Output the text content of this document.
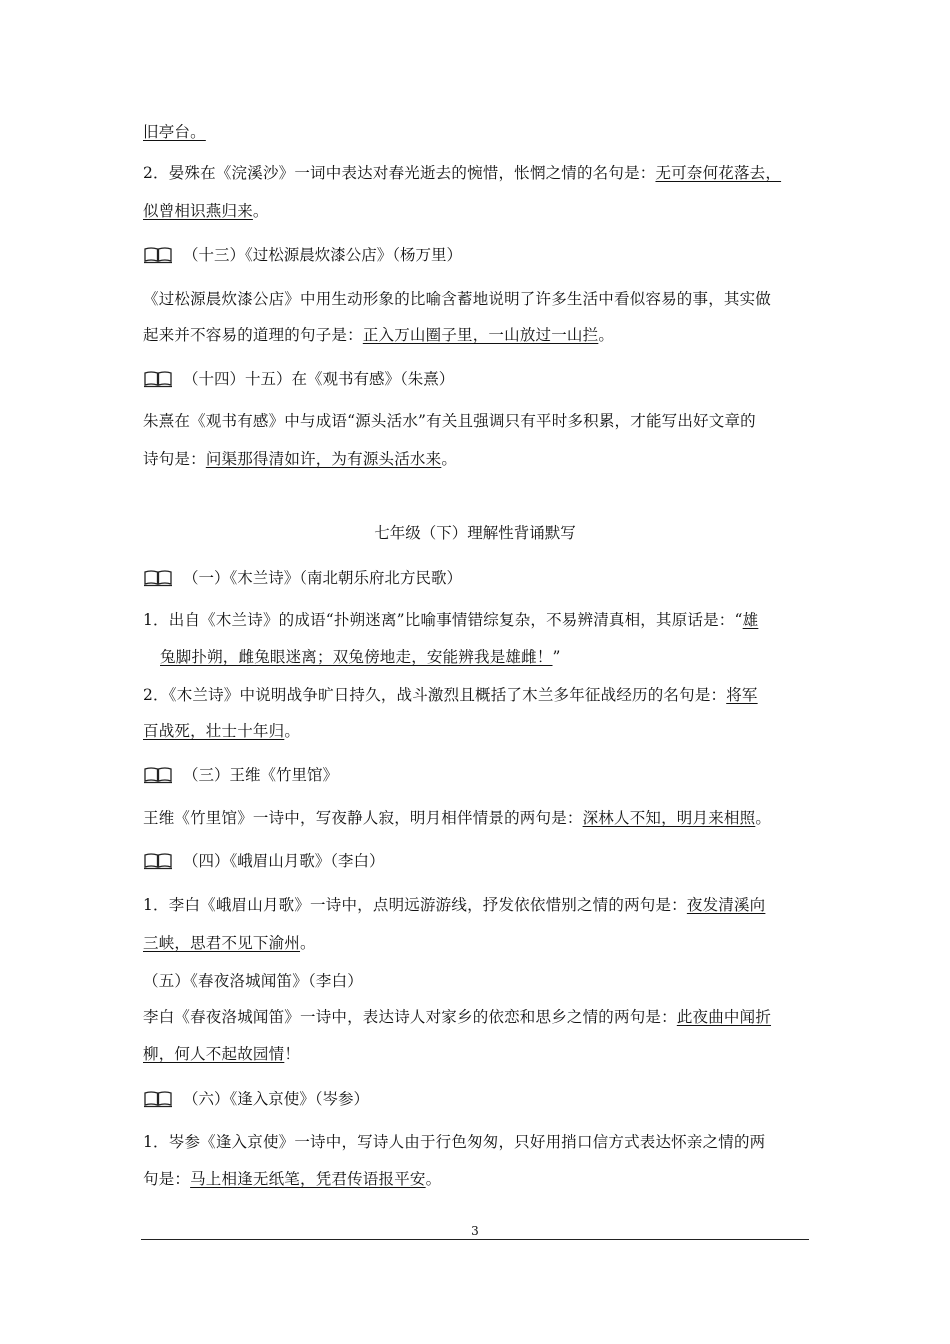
旧亭台。
2．晏殊在《浣溪沙》一词中表达对春光逝去的惋惜，怅惘之情的名句是：无可奈何花落去，
似曾相识燕归来。
（十三）《过松源晨炊漆公店》（杨万里）
《过松源晨炊漆公店》中用生动形象的比喻含蓄地说明了许多生活中看似容易的事，其实做
起来并不容易的道理的句子是：正入万山圈子里，一山放过一山拦。
（十四）十五）在《观书有感》（朱熹）
朱熹在《观书有感》中与成语“源头活水”有关且强调只有平时多积累，才能写出好文章的
诗句是：问渠那得清如许，为有源头活水来。
七年级（下）理解性背诵默写
（一）《木兰诗》（南北朝乐府北方民歌）
1．出自《木兰诗》的成语“扑朔迷离”比喻事情错综复杂，不易辨清真相，其原话是：“雄
兔脚扑朔，雌兔眼迷离；双兔傍地走，安能辨我是雄雌！”
2．《木兰诗》中说明战争旷日持久，战斗激烈且概括了木兰多年征战经历的名句是：将军
百战死，壮士十年归。
（三）王维《竹里馆》
王维《竹里馆》一诗中，写夜静人寂，明月相伴情景的两句是：深林人不知，明月来相照。
（四）《峨眉山月歌》（李白）
1．李白《峨眉山月歌》一诗中，点明远游游线，抒发依依惜别之情的两句是：夜发清溪向
三峡，思君不见下渝州。
（五）《春夜洛城闻笛》（李白）
李白《春夜洛城闻笛》一诗中，表达诗人对家乡的依恋和思乡之情的两句是：此夜曲中闻折
柳，何人不起故园情！
（六）《逢入京使》（岑参）
1．岑参《逢入京使》一诗中，写诗人由于行色匆匆，只好用捎口信方式表达怀亲之情的两
句是：马上相逢无纸笔，凭君传语报平安。
3
